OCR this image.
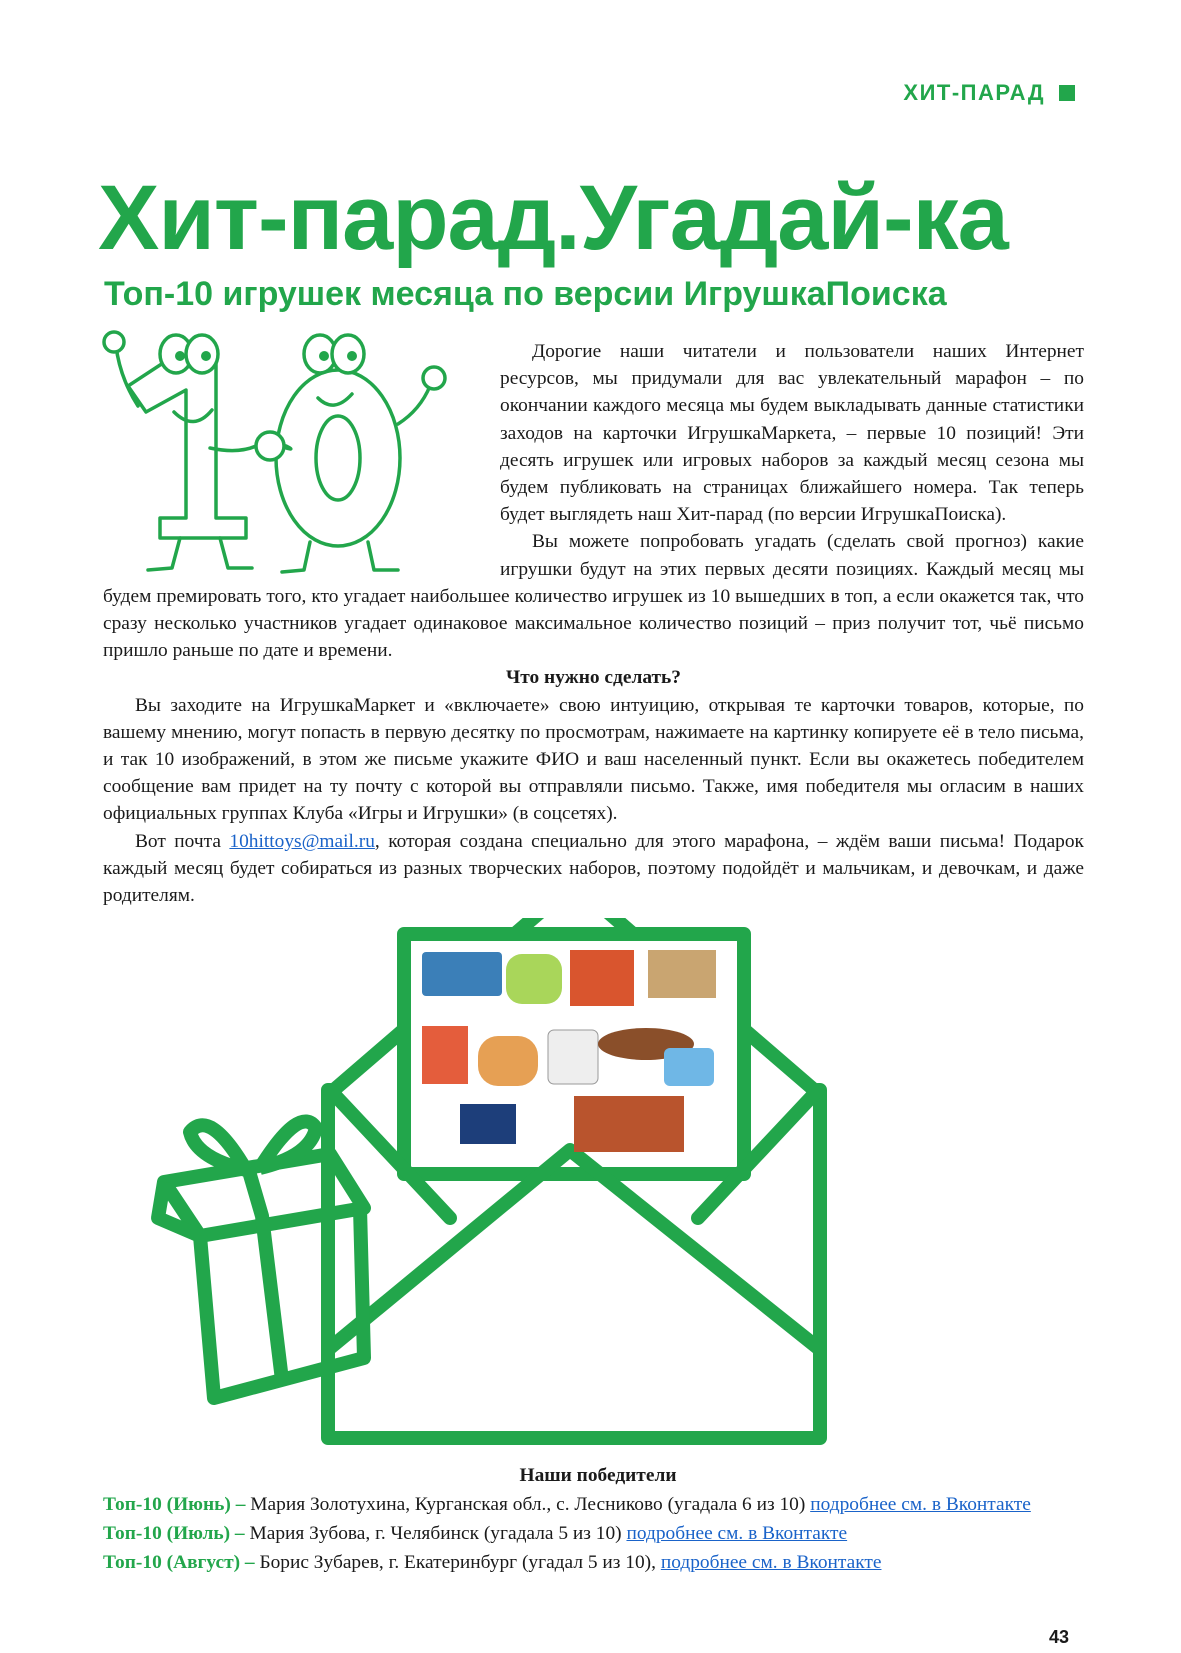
ХИТ-ПАРАД
Хит-парад.Угадай-ка
Топ-10 игрушек месяца по версии ИгрушкаПоиска

Дорогие наши читатели и пользователи наших Интернет ресурсов, мы придумали для вас увлекательный марафон – по окончании каждого месяца мы будем выкладывать данные статистики заходов на карточки ИгрушкаМаркета, – первые 10 позиций! Эти десять игрушек или игровых наборов за каждый месяц сезона мы будем публиковать на страницах ближайшего номера. Так теперь будет выглядеть наш Хит-парад (по версии ИгрушкаПоиска).

Вы можете попробовать угадать (сделать свой прогноз) какие игрушки будут на этих первых десяти позициях. Каждый месяц мы будем премировать того, кто угадает наибольшее количество игрушек из 10 вышедших в топ, а если окажется так, что сразу несколько участников угадает одинаковое максимальное количество позиций – приз получит тот, чьё письмо пришло раньше по дате и времени.

Что нужно сделать?

Вы заходите на ИгрушкаМаркет и «включаете» свою интуицию, открывая те карточки товаров, которые, по вашему мнению, могут попасть в первую десятку по просмотрам, нажимаете на картинку копируете её в тело письма, и так 10 изображений, в этом же письме укажите ФИО и ваш населенный пункт. Если вы окажетесь победителем сообщение вам придет на ту почту с которой вы отправляли письмо. Также, имя победителя мы огласим в наших официальных группах Клуба «Игры и Игрушки» (в соцсетях).

Вот почта 10hittoys@mail.ru, которая создана специально для этого марафона, – ждём ваши письма! Подарок каждый месяц будет собираться из разных творческих наборов, поэтому подойдёт и мальчикам, и девочкам, и даже родителям.

Наши победители
Топ-10 (Июнь) – Мария Золотухина, Курганская обл., с. Лесниково (угадала 6 из 10) подробнее см. в Вконтакте
Топ-10 (Июль) – Мария Зубова, г. Челябинск (угадала 5 из 10) подробнее см. в Вконтакте
Топ-10 (Август) – Борис Зубарев, г. Екатеринбург (угадал 5 из 10), подробнее см. в Вконтакте
43
